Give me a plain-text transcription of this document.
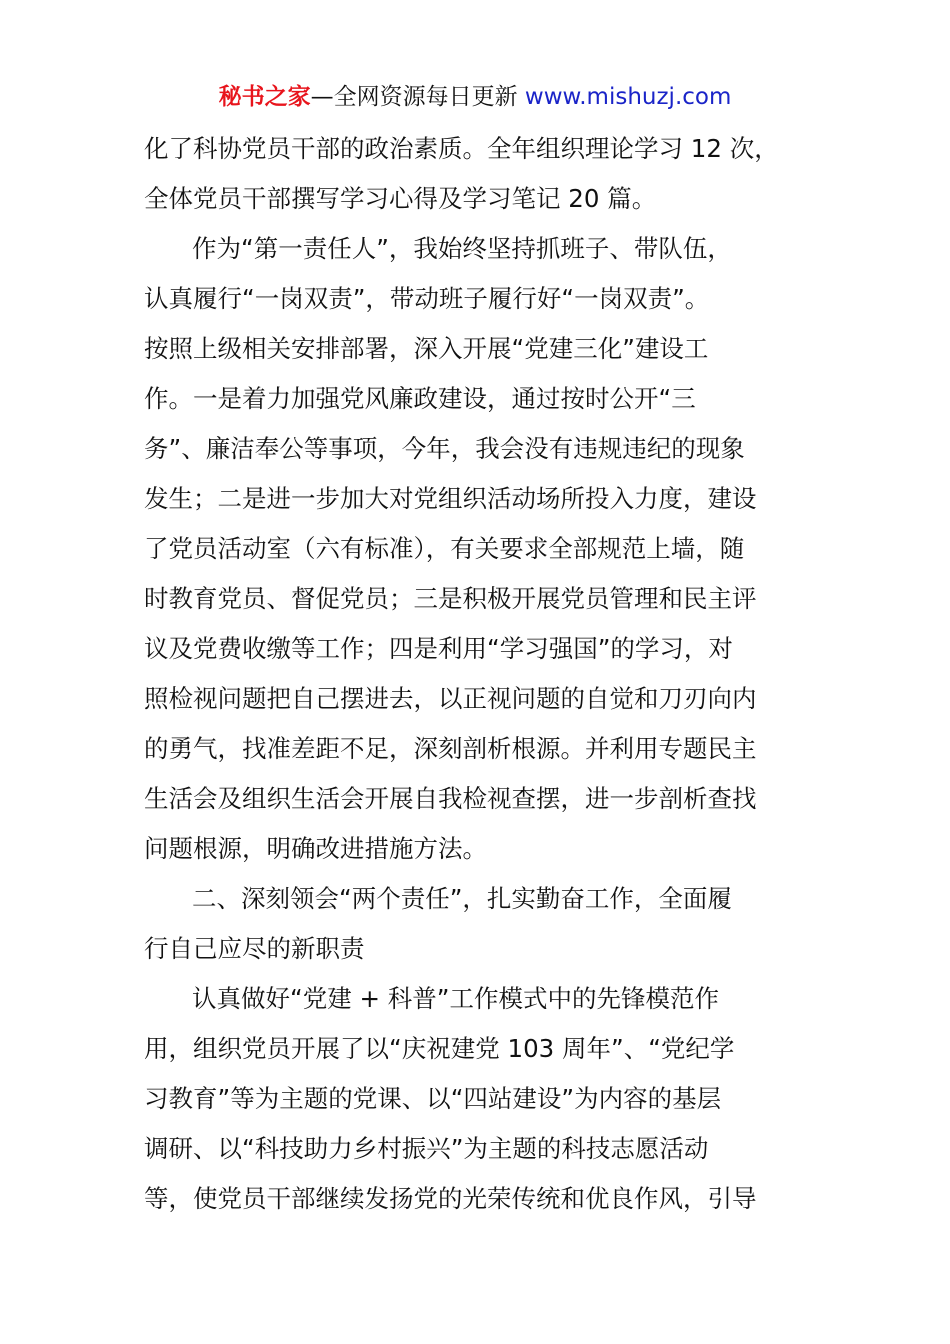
秘书之家—全网资源每日更新 www.mishuzj.com
化了科协党员干部的政治素质。全年组织理论学习 12 次，
全体党员干部撰写学习心得及学习笔记 20 篇。
作为“第一责任人”，我始终坚持抓班子、带队伍，
认真履行“一岗双责”，带动班子履行好“一岗双责”。
按照上级相关安排部署，深入开展“党建三化”建设工
作。一是着力加强党风廉政建设，通过按时公开“三
务”、廉洁奉公等事项，今年，我会没有违规违纪的现象
发生；二是进一步加大对党组织活动场所投入力度，建设
了党员活动室（六有标准），有关要求全部规范上墙，随
时教育党员、督促党员；三是积极开展党员管理和民主评
议及党费收缴等工作；四是利用“学习强国”的学习，对
照检视问题把自己摆进去，以正视问题的自觉和刀刃向内
的勇气，找准差距不足，深刻剖析根源。并利用专题民主
生活会及组织生活会开展自我检视查摆，进一步剖析查找
问题根源，明确改进措施方法。
二、深刻领会“两个责任”，扎实勤奋工作，全面履
行自己应尽的新职责
认真做好“党建 + 科普”工作模式中的先锋模范作
用，组织党员开展了以“庆祝建党 103 周年”、“党纪学
习教育”等为主题的党课、以“四站建设”为内容的基层
调研、以“科技助力乡村振兴”为主题的科技志愿活动
等，使党员干部继续发扬党的光荣传统和优良作风，引导
